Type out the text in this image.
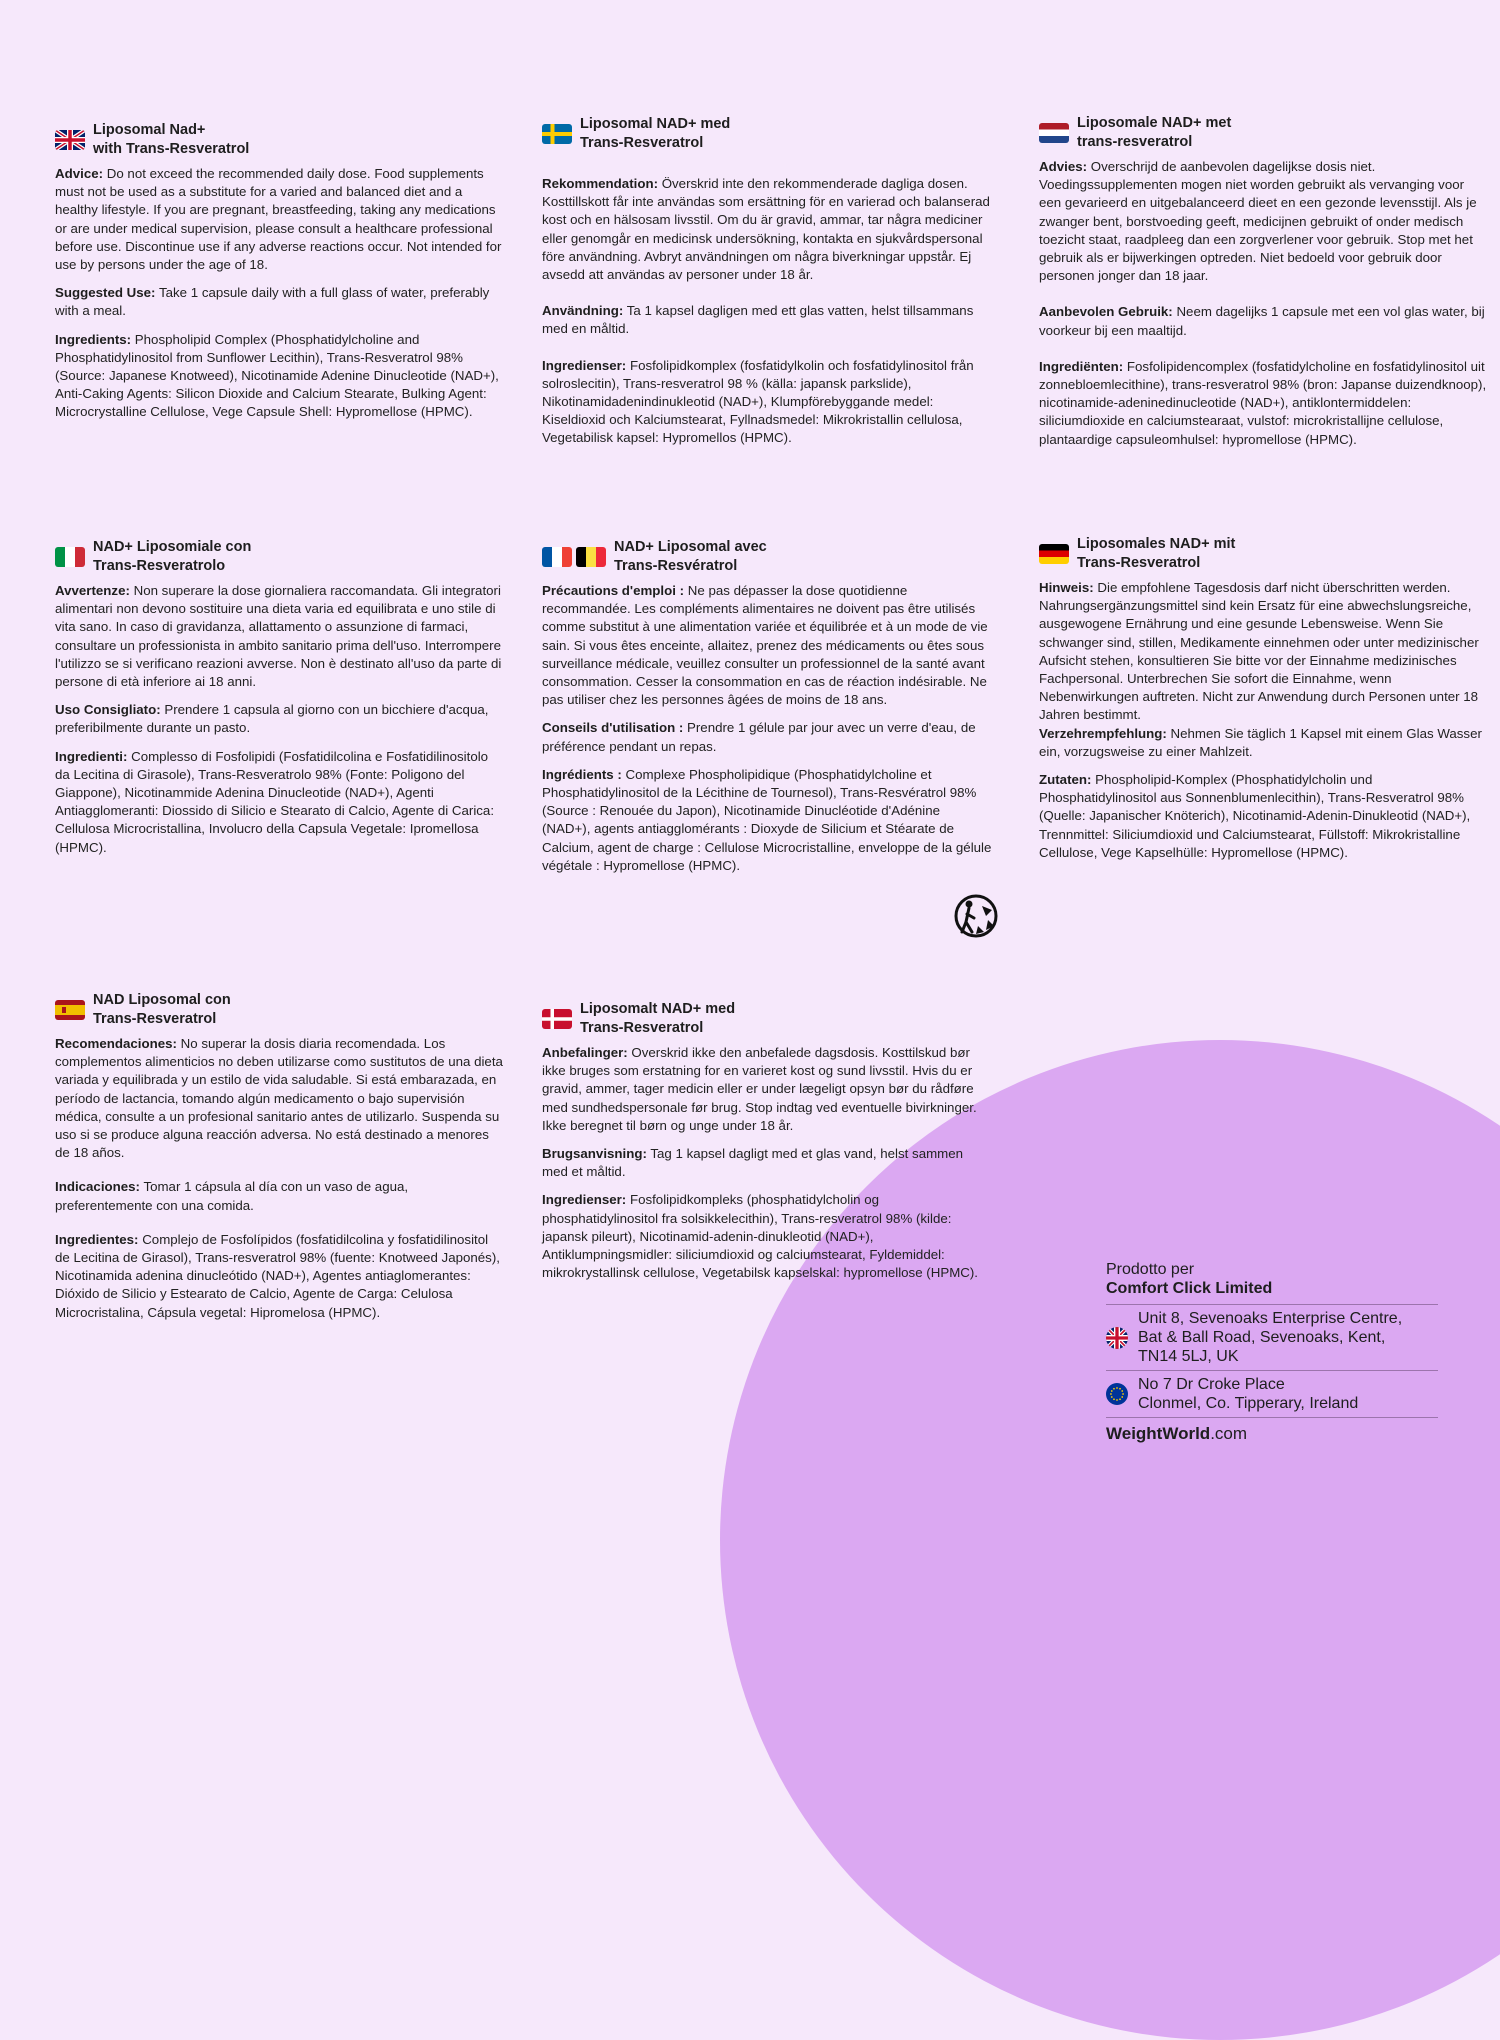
Liposomal Nad+
with Trans-Resveratrol

Advice: Do not exceed the recommended daily dose. Food supplements must not be used as a substitute for a varied and balanced diet and a healthy lifestyle. If you are pregnant, breastfeeding, taking any medications or are under medical supervision, please consult a healthcare professional before use. Discontinue use if any adverse reactions occur. Not intended for use by persons under the age of 18.

Suggested Use: Take 1 capsule daily with a full glass of water, preferably with a meal.

Ingredients: Phospholipid Complex (Phosphatidylcholine and Phosphatidylinositol from Sunflower Lecithin), Trans-Resveratrol 98% (Source: Japanese Knotweed), Nicotinamide Adenine Dinucleotide (NAD+), Anti-Caking Agents: Silicon Dioxide and Calcium Stearate, Bulking Agent: Microcrystalline Cellulose, Vege Capsule Shell: Hypromellose (HPMC).

Liposomal NAD+ med
Trans-Resveratrol

Rekommendation: Överskrid inte den rekommenderade dagliga dosen. Kosttillskott får inte användas som ersättning för en varierad och balanserad kost och en hälsosam livsstil. Om du är gravid, ammar, tar några mediciner eller genomgår en medicinsk undersökning, kontakta en sjukvårdspersonal före användning. Avbryt användningen om några biverkningar uppstår. Ej avsedd att användas av personer under 18 år.

Användning: Ta 1 kapsel dagligen med ett glas vatten, helst tillsammans med en måltid.

Ingredienser: Fosfolipidkomplex (fosfatidylkolin och fosfatidylinositol från solroslecitin), Trans-resveratrol 98 % (källa: japansk parkslide), Nikotinamidadenindinukleotid (NAD+), Klumpförebyggande medel: Kiseldioxid och Kalciumstearat, Fyllnadsmedel: Mikrokristallin cellulosa, Vegetabilisk kapsel: Hypromellos (HPMC).

Liposomale NAD+ met
trans-resveratrol

Advies: Overschrijd de aanbevolen dagelijkse dosis niet. Voedingssupplementen mogen niet worden gebruikt als vervanging voor een gevarieerd en uitgebalanceerd dieet en een gezonde levensstijl. Als je zwanger bent, borstvoeding geeft, medicijnen gebruikt of onder medisch toezicht staat, raadpleeg dan een zorgverlener voor gebruik. Stop met het gebruik als er bijwerkingen optreden. Niet bedoeld voor gebruik door personen jonger dan 18 jaar.

Aanbevolen Gebruik: Neem dagelijks 1 capsule met een vol glas water, bij voorkeur bij een maaltijd.

Ingrediënten: Fosfolipidencomplex (fosfatidylcholine en fosfatidylinositol uit zonnebloemlecithine), trans-resveratrol 98% (bron: Japanse duizendknoop), nicotinamide-adeninedinucleotide (NAD+), antiklontermiddelen: siliciumdioxide en calciumstearaat, vulstof: microkristallijne cellulose, plantaardige capsuleomhulsel: hypromellose (HPMC).

NAD+ Liposomiale con
Trans-Resveratrolo

Avvertenze: Non superare la dose giornaliera raccomandata. Gli integratori alimentari non devono sostituire una dieta varia ed equilibrata e uno stile di vita sano. In caso di gravidanza, allattamento o assunzione di farmaci, consultare un professionista in ambito sanitario prima dell'uso. Interrompere l'utilizzo se si verificano reazioni avverse. Non è destinato all'uso da parte di persone di età inferiore ai 18 anni.

Uso Consigliato: Prendere 1 capsula al giorno con un bicchiere d'acqua, preferibilmente durante un pasto.

Ingredienti: Complesso di Fosfolipidi (Fosfatidilcolina e Fosfatidilinositolo da Lecitina di Girasole), Trans-Resveratrolo 98% (Fonte: Poligono del Giappone), Nicotinammide Adenina Dinucleotide (NAD+), Agenti Antiagglomeranti: Diossido di Silicio e Stearato di Calcio, Agente di Carica: Cellulosa Microcristallina, Involucro della Capsula Vegetale: Ipromellosa (HPMC).

NAD+ Liposomal avec
Trans-Resvératrol

Précautions d'emploi : Ne pas dépasser la dose quotidienne recommandée. Les compléments alimentaires ne doivent pas être utilisés comme substitut à une alimentation variée et équilibrée et à un mode de vie sain. Si vous êtes enceinte, allaitez, prenez des médicaments ou êtes sous surveillance médicale, veuillez consulter un professionnel de la santé avant consommation. Cesser la consommation en cas de réaction indésirable. Ne pas utiliser chez les personnes âgées de moins de 18 ans.

Conseils d'utilisation : Prendre 1 gélule par jour avec un verre d'eau, de préférence pendant un repas.

Ingrédients : Complexe Phospholipidique (Phosphatidylcholine et Phosphatidylinositol de la Lécithine de Tournesol), Trans-Resvératrol 98% (Source : Renouée du Japon), Nicotinamide Dinucléotide d'Adénine (NAD+), agents antiagglomérants : Dioxyde de Silicium et Stéarate de Calcium, agent de charge : Cellulose Microcristalline, enveloppe de la gélule végétale : Hypromellose (HPMC).

Liposomales NAD+ mit
Trans-Resveratrol

Hinweis: Die empfohlene Tagesdosis darf nicht überschritten werden. Nahrungsergänzungsmittel sind kein Ersatz für eine abwechslungsreiche, ausgewogene Ernährung und eine gesunde Lebensweise. Wenn Sie schwanger sind, stillen, Medikamente einnehmen oder unter medizinischer Aufsicht stehen, konsultieren Sie bitte vor der Einnahme medizinisches Fachpersonal. Unterbrechen Sie sofort die Einnahme, wenn Nebenwirkungen auftreten. Nicht zur Anwendung durch Personen unter 18 Jahren bestimmt.

Verzehrempfehlung: Nehmen Sie täglich 1 Kapsel mit einem Glas Wasser ein, vorzugsweise zu einer Mahlzeit.

Zutaten: Phospholipid-Komplex (Phosphatidylcholin und Phosphatidylinositol aus Sonnenblumenlecithin), Trans-Resveratrol 98% (Quelle: Japanischer Knöterich), Nicotinamid-Adenin-Dinukleotid (NAD+), Trennmittel: Siliciumdioxid und Calciumstearat, Füllstoff: Mikrokristalline Cellulose, Vege Kapselhülle: Hypromellose (HPMC).

NAD Liposomal con
Trans-Resveratrol

Recomendaciones: No superar la dosis diaria recomendada. Los complementos alimenticios no deben utilizarse como sustitutos de una dieta variada y equilibrada y un estilo de vida saludable. Si está embarazada, en período de lactancia, tomando algún medicamento o bajo supervisión médica, consulte a un profesional sanitario antes de utilizarlo. Suspenda su uso si se produce alguna reacción adversa. No está destinado a menores de 18 años.

Indicaciones: Tomar 1 cápsula al día con un vaso de agua, preferentemente con una comida.

Ingredientes: Complejo de Fosfolípidos (fosfatidilcolina y fosfatidilinositol de Lecitina de Girasol), Trans-resveratrol 98% (fuente: Knotweed Japonés), Nicotinamida adenina dinucleótido (NAD+), Agentes antiaglomerantes: Dióxido de Silicio y Estearato de Calcio, Agente de Carga: Celulosa Microcristalina, Cápsula vegetal: Hipromelosa (HPMC).

Liposomalt NAD+ med
Trans-Resveratrol

Anbefalinger: Overskrid ikke den anbefalede dagsdosis. Kosttilskud bør ikke bruges som erstatning for en varieret kost og sund livsstil. Hvis du er gravid, ammer, tager medicin eller er under lægeligt opsyn bør du rådføre med sundhedspersonale før brug. Stop indtag ved eventuelle bivirkninger. Ikke beregnet til børn og unge under 18 år.

Brugsanvisning: Tag 1 kapsel dagligt med et glas vand, helst sammen med et måltid.

Ingredienser: Fosfolipidkompleks (phosphatidylcholin og phosphatidylinositol fra solsikkelecithin), Trans-resveratrol 98% (kilde: japansk pileurt), Nicotinamid-adenin-dinukleotid (NAD+), Antiklumpningsmidler: siliciumdioxid og calciumstearat, Fyldemiddel: mikrokrystallinsk cellulose, Vegetabilsk kapselskal: hypromellose (HPMC).	Prodotto per
Comfort Click Limited
Unit 8, Sevenoaks Enterprise Centre,
Bat & Ball Road, Sevenoaks, Kent,
TN14 5LJ, UK
No 7 Dr Croke Place
Clonmel, Co. Tipperary, Ireland
WeightWorld.com
